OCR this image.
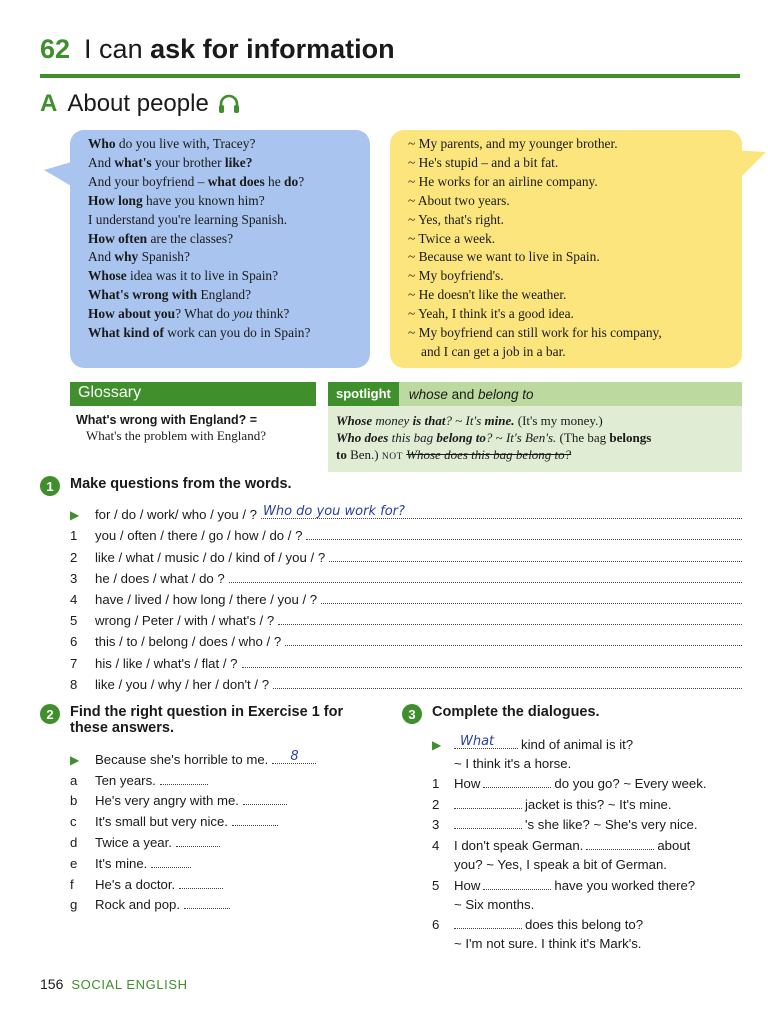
62 I can ask for information
A About people
Who do you live with, Tracey?
And what's your brother like?
And your boyfriend – what does he do?
How long have you known him?
I understand you're learning Spanish.
How often are the classes?
And why Spanish?
Whose idea was it to live in Spain?
What's wrong with England?
How about you? What do you think?
What kind of work can you do in Spain?
~ My parents, and my younger brother.
~ He's stupid – and a bit fat.
~ He works for an airline company.
~ About two years.
~ Yes, that's right.
~ Twice a week.
~ Because we want to live in Spain.
~ My boyfriend's.
~ He doesn't like the weather.
~ Yeah, I think it's a good idea.
~ My boyfriend can still work for his company,
and I can get a job in a bar.
Glossary
What's wrong with England? =
What's the problem with England?
spotlight	whose and belong to
Whose money is that? ~ It's mine. (It's my money.)
Who does this bag belong to? ~ It's Ben's. (The bag belongs
to Ben.) NOT Whose does this bag belong to?
1	Make questions from the words.
▶	for / do / work/ who / you / ? Who do you work for?
1	you / often / there / go / how / do / ?
2	like / what / music / do / kind of / you / ?
3	he / does / what / do ?
4	have / lived / how long / there / you / ?
5	wrong / Peter / with / what's / ?
6	this / to / belong / does / who / ?
7	his / like / what's / flat / ?
8	like / you / why / her / don't / ?
2	Find the right question in Exercise 1 for
these answers.
▶	Because she's horrible to me. 8
a	Ten years.
b	He's very angry with me.
c	It's small but very nice.
d	Twice a year.
e	It's mine.
f	He's a doctor.
g	Rock and pop.
3	Complete the dialogues.
▶	What kind of animal is it?
~ I think it's a horse.
1	How	do you go? ~ Every week.
2	jacket is this? ~ It's mine.
3	's she like? ~ She's very nice.
4	I don't speak German.	about
you? ~ Yes, I speak a bit of German.
5	How	have you worked there?
~ Six months.
6	does this belong to?
~ I'm not sure. I think it's Mark's.
156 SOCIAL ENGLISH
